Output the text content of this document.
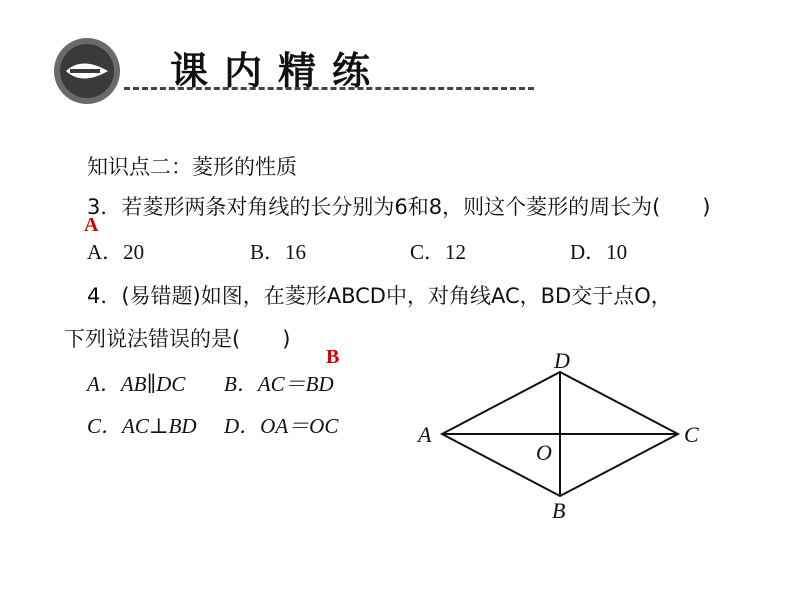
课内精练
知识点二：菱形的性质
3．若菱形两条对角线的长分别为6和8，则这个菱形的周长为(　　)
A
A．20	B．16	C．12	D．10
4．(易错题)如图，在菱形ABCD中，对角线AC，BD交于点O，
下列说法错误的是(　　)
B
A．AB∥DC B．AC＝BD
C．AC⊥BD D．OA＝OC
D
A	C
O
B
